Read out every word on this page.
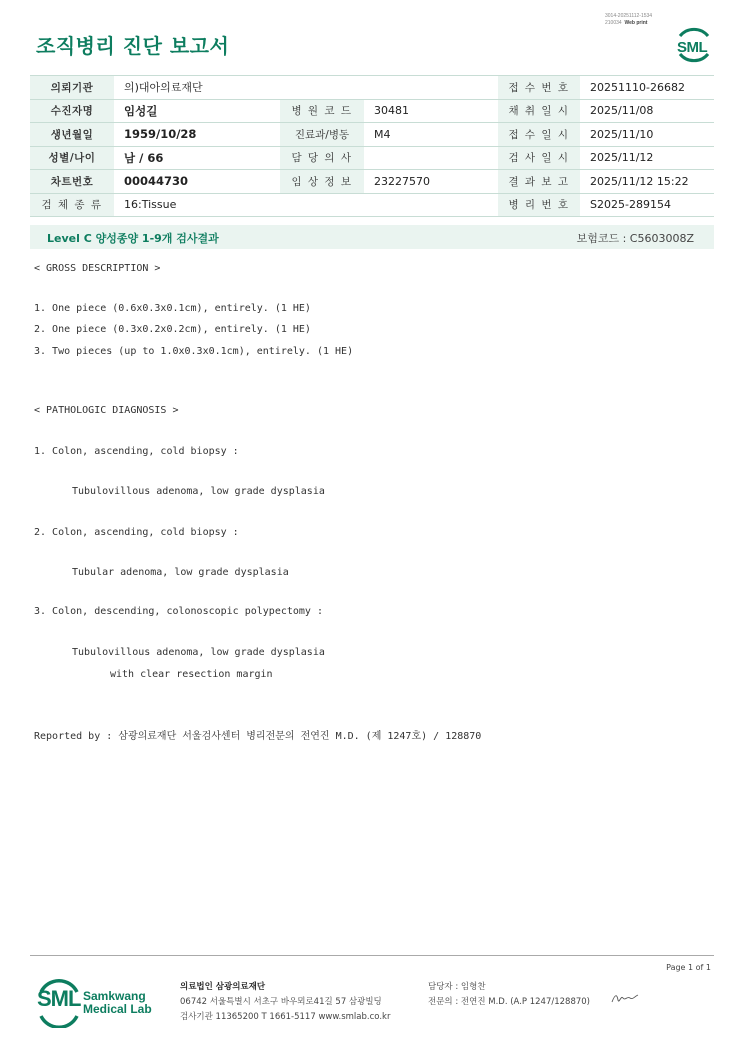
3014-20251112-1534
210034 Web print
조직병리 진단 보고서	SML
의뢰기관	의)대아의료재단			접 수 번 호	20251110-26682
수진자명	임성길	병 원 코 드	30481	채 취 일 시	2025/11/08
생년월일	1959/10/28	진료과/병동	M4	접 수 일 시	2025/11/10
성별/나이	남 / 66	담 당 의 사		검 사 일 시	2025/11/12
차트번호	00044730	임 상 정 보	23227570	결 과 보 고	2025/11/12 15:22
검 체 종 류	16:Tissue			병 리 번 호	S2025-289154
Level C 양성종양 1-9개 검사결과	보험코드 : C5603008Z
< GROSS DESCRIPTION >
1. One piece (0.6x0.3x0.1cm), entirely. (1 HE)
2. One piece (0.3x0.2x0.2cm), entirely. (1 HE)
3. Two pieces (up to 1.0x0.3x0.1cm), entirely. (1 HE)
< PATHOLOGIC DIAGNOSIS >
1. Colon, ascending, cold biopsy :
Tubulovillous adenoma, low grade dysplasia
2. Colon, ascending, cold biopsy :
Tubular adenoma, low grade dysplasia
3. Colon, descending, colonoscopic polypectomy :
Tubulovillous adenoma, low grade dysplasia
with clear resection margin
Reported by : 삼광의료재단 서울검사센터 병리전문의 전연진 M.D. (제 1247호) / 128870
Page 1 of 1
SML Samkwang
Medical Lab
의료법인 삼광의료재단
06742 서울특별시 서초구 바우뫼로41길 57 삼광빌딩
검사기관 11365200 T 1661-5117 www.smlab.co.kr
담당자 : 임형찬
전문의 : 전연진 M.D. (A.P 1247/128870)
